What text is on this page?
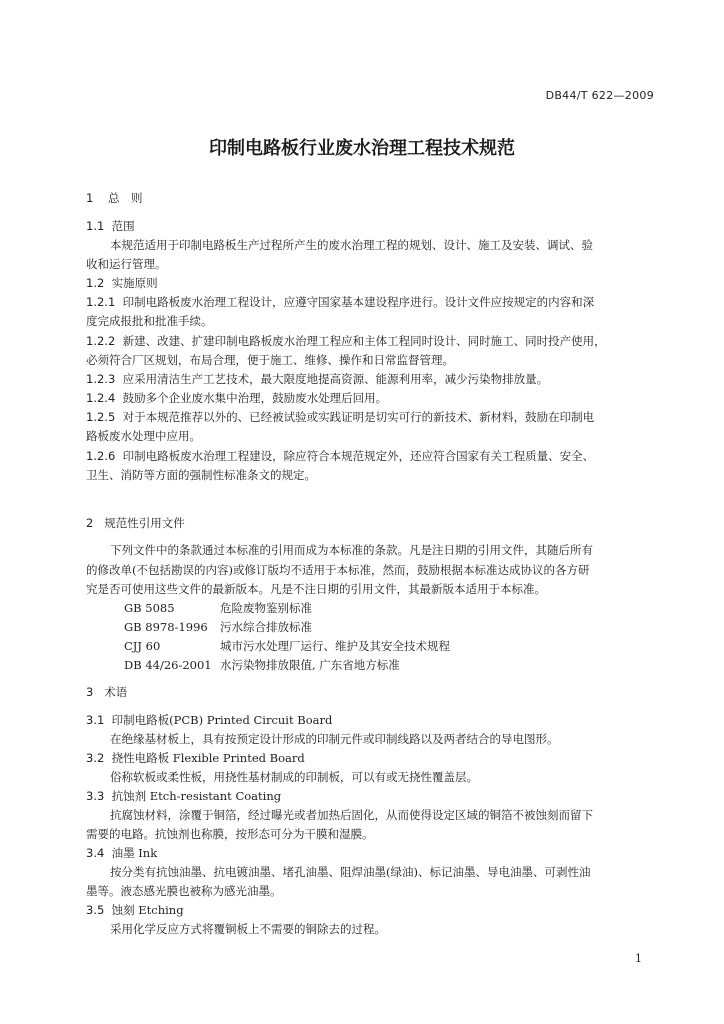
DB44/T 622—2009
印制电路板行业废水治理工程技术规范
1 总　则
1.1 范围
本规范适用于印制电路板生产过程所产生的废水治理工程的规划、设计、施工及安装、调试、验
收和运行管理。
1.2 实施原则
1.2.1 印制电路板废水治理工程设计，应遵守国家基本建设程序进行。设计文件应按规定的内容和深
度完成报批和批准手续。
1.2.2 新建、改建、扩建印制电路板废水治理工程应和主体工程同时设计、同时施工、同时投产使用，
必须符合厂区规划，布局合理，便于施工、维修、操作和日常监督管理。
1.2.3 应采用清洁生产工艺技术，最大限度地提高资源、能源利用率，减少污染物排放量。
1.2.4 鼓励多个企业废水集中治理，鼓励废水处理后回用。
1.2.5 对于本规范推荐以外的、已经被试验或实践证明是切实可行的新技术、新材料，鼓励在印制电
路板废水处理中应用。
1.2.6 印制电路板废水治理工程建设，除应符合本规范规定外，还应符合国家有关工程质量、安全、
卫生、消防等方面的强制性标准条文的规定。
2 规范性引用文件
下列文件中的条款通过本标准的引用而成为本标准的条款。凡是注日期的引用文件，其随后所有
的修改单(不包括勘误的内容)或修订版均不适用于本标准，然而，鼓励根据本标准达成协议的各方研
究是否可使用这些文件的最新版本。凡是不注日期的引用文件，其最新版本适用于本标准。
GB 5085	危险废物鉴别标准
GB 8978-1996 污水综合排放标准
CJJ 60	城市污水处理厂运行、维护及其安全技术规程
DB 44/26-2001 水污染物排放限值, 广东省地方标准
3 术语
3.1 印制电路板(PCB) Printed Circuit Board
在绝缘基材板上，具有按预定设计形成的印制元件或印制线路以及两者结合的导电图形。
3.2 挠性电路板 Flexible Printed Board
俗称软板或柔性板，用挠性基材制成的印制板，可以有或无挠性覆盖层。
3.3 抗蚀剂 Etch-resistant Coating
抗腐蚀材料，涂覆于铜箔，经过曝光或者加热后固化，从而使得设定区域的铜箔不被蚀刻而留下
需要的电路。抗蚀剂也称膜，按形态可分为干膜和湿膜。
3.4 油墨 Ink
按分类有抗蚀油墨、抗电镀油墨、堵孔油墨、阻焊油墨(绿油)、标记油墨、导电油墨、可剥性油
墨等。液态感光膜也被称为感光油墨。
3.5 蚀刻 Etching
采用化学反应方式将覆铜板上不需要的铜除去的过程。
1
